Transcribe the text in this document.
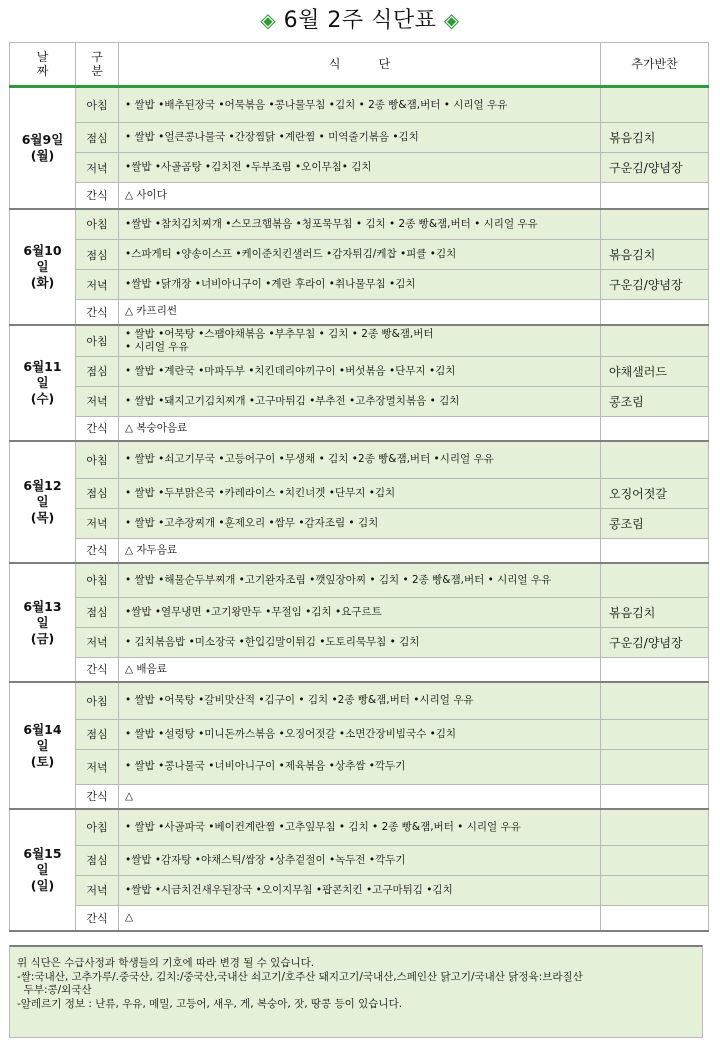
◈ 6월 2주 식단표 ◈
날
짜	구
분	식          단	추가반찬
6월9일
(월)	아침	• 쌀밥 •배추된장국 •어묵볶음 •콩나물무침 •김치 • 2종 빵&잼,버터 • 시리얼 우유	
	점심	• 쌀밥 •얼큰콩나물국 •간장찜닭 •계란찜 • 미역줄기볶음 •김치	볶음김치
	저녁	•쌀밥 •사골곰탕 •김치전 •두부조림 •오이무침• 김치	구운김/양념장
	간식	△ 사이다	
6월10
일
(화)	아침	•쌀밥 •참치김치찌개 •스모크햄볶음 •청포묵무침 • 김치 • 2종 빵&잼,버터 • 시리얼 우유	
	점심	•스파게티 •양송이스프 •케이준치킨샐러드 •감자튀김/케찹 •피클 •김치	볶음김치
	저녁	•쌀밥 •닭개장 •너비아니구이 •계란 후라이 •취나물무침 •김치	구운김/양념장
	간식	△ 카프리썬	
6월11
일
(수)	아침	• 쌀밥 •어묵탕 •스팸야채볶음 •부추무침 • 김치 • 2종 빵&잼,버터
• 시리얼 우유	
	점심	• 쌀밥 •계란국 •마파두부 •치킨데리야끼구이 •버섯볶음 •단무지 •김치	야채샐러드
	저녁	• 쌀밥 •돼지고기김치찌개 •고구마튀김 •부추전 •고추장멸치볶음 • 김치	콩조림
	간식	△ 복숭아음료	
6월12
일
(목)	아침	• 쌀밥 •쇠고기무국 •고등어구이 •무생채 • 김치 •2종 빵&잼,버터 •시리얼 우유	
	점심	• 쌀밥 •두부맑은국 •카레라이스 •치킨너겟 •단무지 •김치	오징어젓갈
	저녁	• 쌀밥 •고추장찌개 •훈제오리 •쌈무 •감자조림 • 김치	콩조림
	간식	△ 자두음료	
6월13
일
(금)	아침	• 쌀밥 •해물순두부찌개 •고기완자조림 •깻잎장아찌 • 김치 • 2종 빵&잼,버터 • 시리얼 우유	
	점심	•쌀밥 •열무냉면 •고기왕만두 •무절임 •김치 •요구르트	볶음김치
	저녁	• 김치볶음밥 •미소장국 •한입김말이튀김 •도토리묵무침 • 김치	구운김/양념장
	간식	△ 배음료	
6월14
일
(토)	아침	• 쌀밥 •어묵탕 •갈비맛산적 •김구이 • 김치 •2종 빵&잼,버터 •시리얼 우유	
	점심	• 쌀밥 •설렁탕 •미니돈까스볶음 •오징어젓갈 •소면간장비빔국수 •김치	
	저녁	• 쌀밥 •콩나물국 •너비아니구이 •제육볶음 •상추쌈 •깍두기	
	간식	△	
6월15
일
(일)	아침	• 쌀밥 •사골파국 •베이컨계란찜 •고추잎무침 • 김치 • 2종 빵&잼,버터 • 시리얼 우유	
	점심	•쌀밥 •감자탕 •야채스틱/쌈장 •상추겉절이 •녹두전 •깍두기	
	저녁	•쌀밥 •시금치건새우된장국 •오이지무침 •팝콘치킨 •고구마튀김 •김치	
	간식	△	
위 식단은 수급사정과 학생들의 기호에 따라 변경 될 수 있습니다.
-쌀:국내산, 고추가루/.중국산, 김치:/중국산,국내산 쇠고기/호주산 돼지고기/국내산,스페인산 닭고기/국내산 닭정육:브라질산
두부:콩/외국산
-알레르기 정보 : 난류, 우유, 메밀, 고등어, 새우, 게, 복숭아, 잣, 땅콩 등이 있습니다.
